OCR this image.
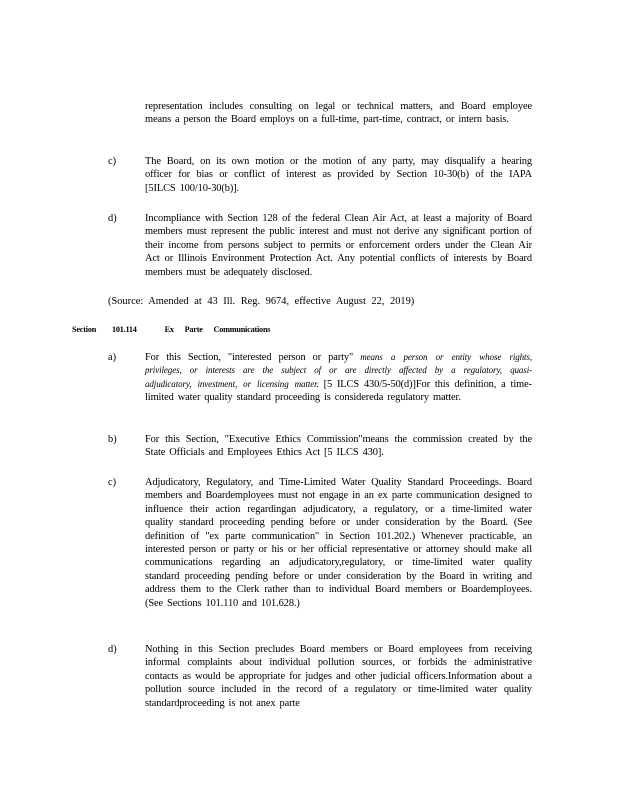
representation includes consulting on legal or technical matters, and Board employee means a person the Board employs on a full-time, part-time, contract, or intern basis.
c)	The Board, on its own motion or the motion of any party, may disqualify a hearing officer for bias or conflict of interest as provided by Section 10-30(b) of the IAPA [5ILCS 100/10-30(b)].
d)	Incompliance with Section 128 of the federal Clean Air Act, at least a majority of Board members must represent the public interest and must not derive any significant portion of their income from persons subject to permits or enforcement orders under the Clean Air Act or Illinois Environment Protection Act. Any potential conflicts of interests by Board members must be adequately disclosed.
(Source: Amended at 43 Ill. Reg. 9674, effective August 22, 2019)
Section 101.114	Ex Parte Communications
a)	For this Section, "interested person or party" means a person or entity whose rights, privileges, or interests are the subject of or are directly affected by a regulatory, quasi-adjudicatory, investment, or licensing matter. [5 ILCS 430/5-50(d)]For this definition, a time-limited water quality standard proceeding is considereda regulatory matter.
b)	For this Section, "Executive Ethics Commission"means the commission created by the State Officials and Employees Ethics Act [5 ILCS 430].
c)	Adjudicatory, Regulatory, and Time-Limited Water Quality Standard Proceedings. Board members and Boardemployees must not engage in an ex parte communication designed to influence their action regardingan adjudicatory, a regulatory, or a time-limited water quality standard proceeding pending before or under consideration by the Board. (See definition of "ex parte communication" in Section 101.202.) Whenever practicable, an interested person or party or his or her official representative or attorney should make all communications regarding an adjudicatory,regulatory, or time-limited water quality standard proceeding pending before or under consideration by the Board in writing and address them to the Clerk rather than to individual Board members or Boardemployees. (See Sections 101.110 and 101.628.)
d)	Nothing in this Section precludes Board members or Board employees from receiving informal complaints about individual pollution sources, or forbids the administrative contacts as would be appropriate for judges and other judicial officers.Information about a pollution source included in the record of a regulatory or time-limited water quality standardproceeding is not anex parte
